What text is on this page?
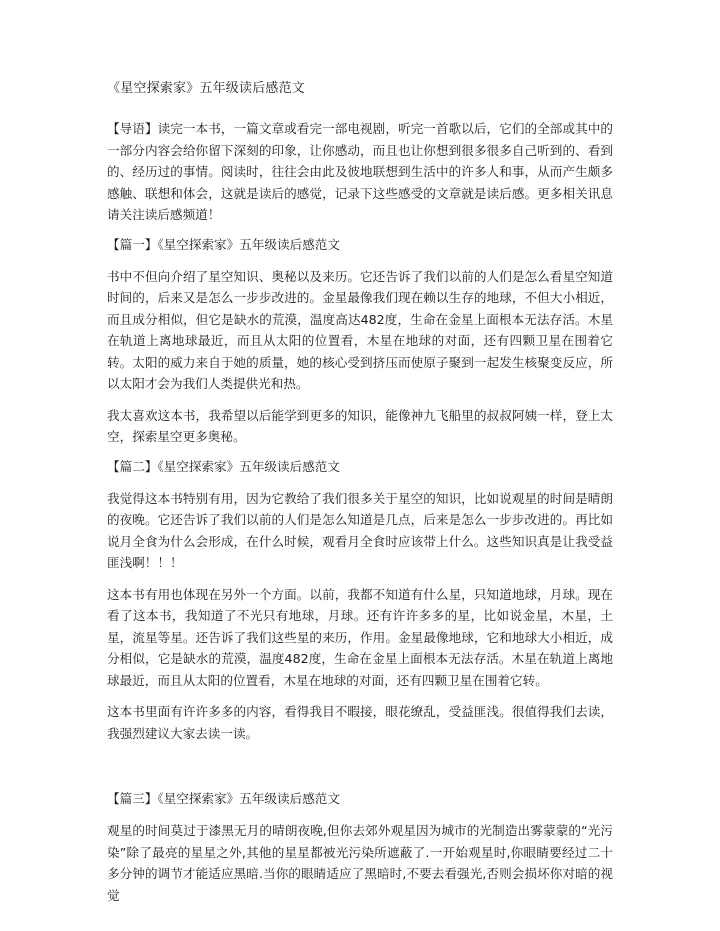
《星空探索家》五年级读后感范文

【导语】读完一本书，一篇文章或看完一部电视剧，听完一首歌以后，它们的全部或其中的一部分内容会给你留下深刻的印象，让你感动，而且也让你想到很多很多自己听到的、看到的、经历过的事情。阅读时，往往会由此及彼地联想到生活中的许多人和事，从而产生颇多感触、联想和体会，这就是读后的感觉，记录下这些感受的文章就是读后感。更多相关讯息请关注读后感频道！

【篇一】《星空探索家》五年级读后感范文

书中不但向介绍了星空知识、奥秘以及来历。它还告诉了我们以前的人们是怎么看星空知道时间的，后来又是怎么一步步改进的。金星最像我们现在赖以生存的地球，不但大小相近，而且成分相似，但它是缺水的荒漠，温度高达482度，生命在金星上面根本无法存活。木星在轨道上离地球最近，而且从太阳的位置看，木星在地球的对面，还有四颗卫星在围着它转。太阳的威力来自于她的质量，她的核心受到挤压而使原子聚到一起发生核聚变反应，所以太阳才会为我们人类提供光和热。

我太喜欢这本书，我希望以后能学到更多的知识，能像神九飞船里的叔叔阿姨一样，登上太空，探索星空更多奥秘。

【篇二】《星空探索家》五年级读后感范文

我觉得这本书特别有用，因为它教给了我们很多关于星空的知识，比如说观星的时间是晴朗的夜晚。它还告诉了我们以前的人们是怎么知道是几点，后来是怎么一步步改进的。再比如说月全食为什么会形成，在什么时候，观看月全食时应该带上什么。这些知识真是让我受益匪浅啊！！！

这本书有用也体现在另外一个方面。以前，我都不知道有什么星，只知道地球，月球。现在看了这本书，我知道了不光只有地球，月球。还有许许多多的星，比如说金星，木星，土星，流星等星。还告诉了我们这些星的来历，作用。金星最像地球，它和地球大小相近，成分相似，它是缺水的荒漠，温度482度，生命在金星上面根本无法存活。木星在轨道上离地球最近，而且从太阳的位置看，木星在地球的对面，还有四颗卫星在围着它转。

这本书里面有许许多多的内容，看得我目不暇接，眼花缭乱，受益匪浅。很值得我们去读，我强烈建议大家去读一读。

【篇三】《星空探索家》五年级读后感范文

观星的时间莫过于漆黑无月的晴朗夜晚,但你去郊外观星因为城市的光制造出雾蒙蒙的“光污染”除了最亮的星星之外,其他的星星都被光污染所遮蔽了.一开始观星时,你眼睛要经过二十多分钟的调节才能适应黑暗.当你的眼睛适应了黑暗时,不要去看强光,否则会损坏你对暗的视觉
